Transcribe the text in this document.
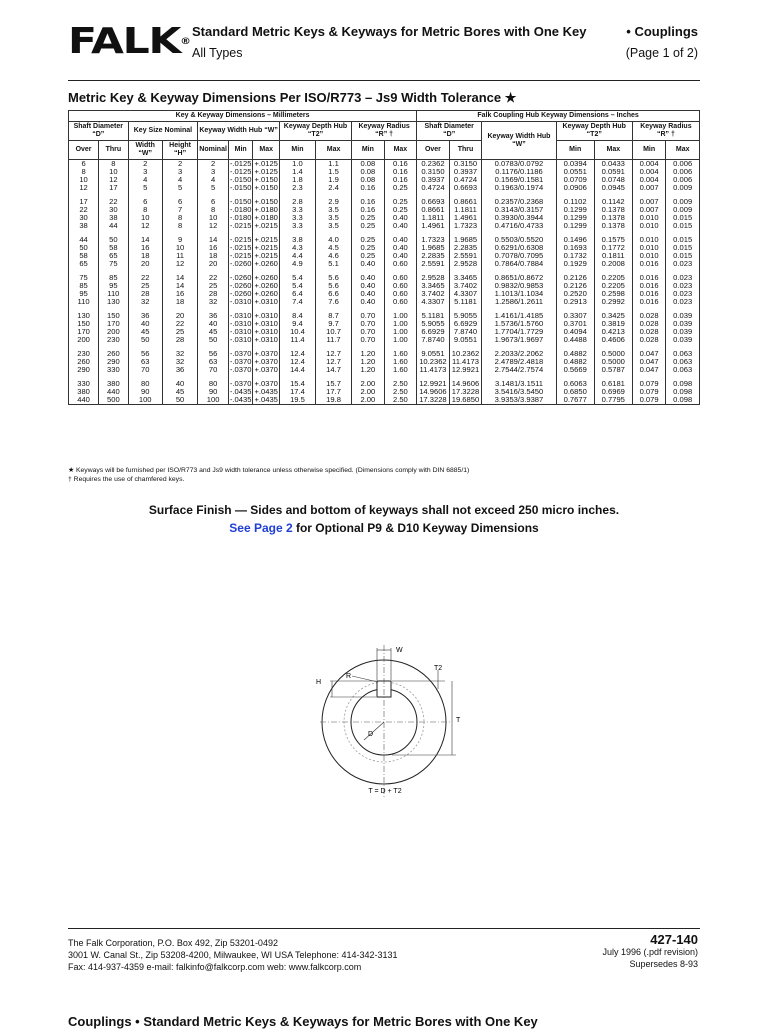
FALK®
Standard Metric Keys & Keyways for Metric Bores with One Key	• Couplings
All Types	(Page 1 of 2)
Metric Key & Keyway Dimensions Per ISO/R773 – Js9 Width Tolerance ★
Key & Keyway Dimensions – Millimeters											Falk Coupling Hub Keyway Dimensions – Inches						
Shaft Diameter “D”		Key Size Nominal		Keyway Width Hub “W”			Keyway Depth Hub “T2”		Keyway Radius “R” †		Shaft Diameter “D”		Keyway Width Hub “W”	Keyway Depth Hub “T2”		Keyway Radius “R” †	
Over	Thru	Width “W”	Height “H”	Nominal	Min	Max	Min	Max	Min	Max	Over	Thru		Min	Max	Min	Max
6	8	2	2	2	-.0125	+.0125	1.0	1.1	0.08	0.16	0.2362	0.3150	0.0783/0.0792	0.0394	0.0433	0.004	0.006
8	10	3	3	3	-.0125	+.0125	1.4	1.5	0.08	0.16	0.3150	0.3937	0.1176/0.1186	0.0551	0.0591	0.004	0.006
10	12	4	4	4	-.0150	+.0150	1.8	1.9	0.08	0.16	0.3937	0.4724	0.1569/0.1581	0.0709	0.0748	0.004	0.006
12	17	5	5	5	-.0150	+.0150	2.3	2.4	0.16	0.25	0.4724	0.6693	0.1963/0.1974	0.0906	0.0945	0.007	0.009

17	22	6	6	6	-.0150	+.0150	2.8	2.9	0.16	0.25	0.6693	0.8661	0.2357/0.2368	0.1102	0.1142	0.007	0.009
22	30	8	7	8	-.0180	+.0180	3.3	3.5	0.16	0.25	0.8661	1.1811	0.3143/0.3157	0.1299	0.1378	0.007	0.009
30	38	10	8	10	-.0180	+.0180	3.3	3.5	0.25	0.40	1.1811	1.4961	0.3930/0.3944	0.1299	0.1378	0.010	0.015
38	44	12	8	12	-.0215	+.0215	3.3	3.5	0.25	0.40	1.4961	1.7323	0.4716/0.4733	0.1299	0.1378	0.010	0.015

44	50	14	9	14	-.0215	+.0215	3.8	4.0	0.25	0.40	1.7323	1.9685	0.5503/0.5520	0.1496	0.1575	0.010	0.015
50	58	16	10	16	-.0215	+.0215	4.3	4.5	0.25	0.40	1.9685	2.2835	0.6291/0.6308	0.1693	0.1772	0.010	0.015
58	65	18	11	18	-.0215	+.0215	4.4	4.6	0.25	0.40	2.2835	2.5591	0.7078/0.7095	0.1732	0.1811	0.010	0.015
65	75	20	12	20	-.0260	+.0260	4.9	5.1	0.40	0.60	2.5591	2.9528	0.7864/0.7884	0.1929	0.2008	0.016	0.023

75	85	22	14	22	-.0260	+.0260	5.4	5.6	0.40	0.60	2.9528	3.3465	0.8651/0.8672	0.2126	0.2205	0.016	0.023
85	95	25	14	25	-.0260	+.0260	5.4	5.6	0.40	0.60	3.3465	3.7402	0.9832/0.9853	0.2126	0.2205	0.016	0.023
95	110	28	16	28	-.0260	+.0260	6.4	6.6	0.40	0.60	3.7402	4.3307	1.1013/1.1034	0.2520	0.2598	0.016	0.023
110	130	32	18	32	-.0310	+.0310	7.4	7.6	0.40	0.60	4.3307	5.1181	1.2586/1.2611	0.2913	0.2992	0.016	0.023

130	150	36	20	36	-.0310	+.0310	8.4	8.7	0.70	1.00	5.1181	5.9055	1.4161/1.4185	0.3307	0.3425	0.028	0.039
150	170	40	22	40	-.0310	+.0310	9.4	9.7	0.70	1.00	5.9055	6.6929	1.5736/1.5760	0.3701	0.3819	0.028	0.039
170	200	45	25	45	-.0310	+.0310	10.4	10.7	0.70	1.00	6.6929	7.8740	1.7704/1.7729	0.4094	0.4213	0.028	0.039
200	230	50	28	50	-.0310	+.0310	11.4	11.7	0.70	1.00	7.8740	9.0551	1.9673/1.9697	0.4488	0.4606	0.028	0.039

230	260	56	32	56	-.0370	+.0370	12.4	12.7	1.20	1.60	9.0551	10.2362	2.2033/2.2062	0.4882	0.5000	0.047	0.063
260	290	63	32	63	-.0370	+.0370	12.4	12.7	1.20	1.60	10.2362	11.4173	2.4789/2.4818	0.4882	0.5000	0.047	0.063
290	330	70	36	70	-.0370	+.0370	14.4	14.7	1.20	1.60	11.4173	12.9921	2.7544/2.7574	0.5669	0.5787	0.047	0.063

330	380	80	40	80	-.0370	+.0370	15.4	15.7	2.00	2.50	12.9921	14.9606	3.1481/3.1511	0.6063	0.6181	0.079	0.098
380	440	90	45	90	-.0435	+.0435	17.4	17.7	2.00	2.50	14.9606	17.3228	3.5416/3.5450	0.6850	0.6969	0.079	0.098
440	500	100	50	100	-.0435	+.0435	19.5	19.8	2.00	2.50	17.3228	19.6850	3.9353/3.9387	0.7677	0.7795	0.079	0.098
★ Keyways will be furnished per ISO/R773 and Js9 width tolerance unless otherwise specified. (Dimensions comply with DIN 6885/1)
† Requires the use of chamfered keys.
Surface Finish — Sides and bottom of keyways shall not exceed 250 micro inches.
See Page 2 for Optional P9 & D10 Keyway Dimensions
W
H
R
T2
T
D
T = D + T2
The Falk Corporation, P.O. Box 492, Zip 53201-0492
3001 W. Canal St., Zip 53208-4200, Milwaukee, WI USA Telephone: 414-342-3131
Fax: 414-937-4359 e-mail: falkinfo@falkcorp.com web: www.falkcorp.com
427-140
July 1996 (.pdf revision)
Supersedes 8-93
Couplings • Standard Metric Keys & Keyways for Metric Bores with One Key
